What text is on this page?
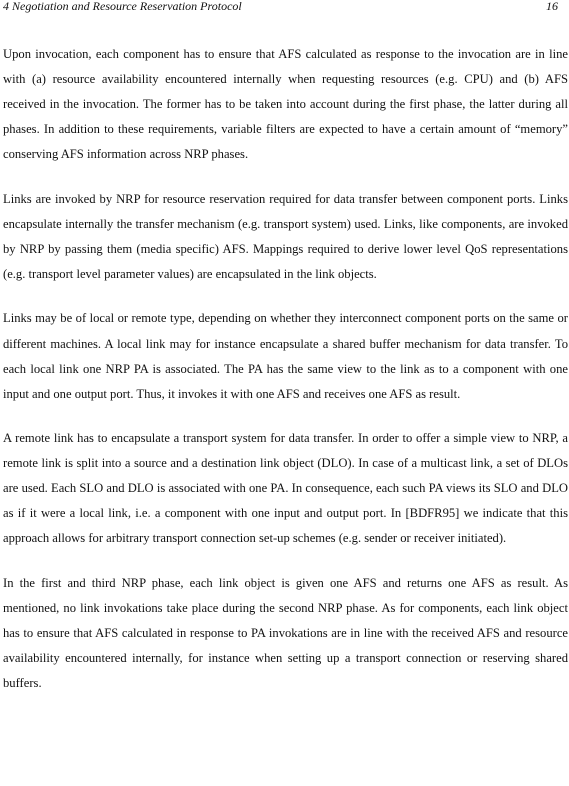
4 Negotiation and Resource Reservation Protocol	16

Upon invocation, each component has to ensure that AFS calculated as response to the invocation are in line with (a) resource availability encountered internally when requesting resources (e.g. CPU) and (b) AFS received in the invocation. The former has to be taken into account during the first phase, the latter during all phases. In addition to these requirements, variable filters are expected to have a certain amount of “memory” conserving AFS information across NRP phases.

Links are invoked by NRP for resource reservation required for data transfer between component ports. Links encapsulate internally the transfer mechanism (e.g. transport system) used. Links, like components, are invoked by NRP by passing them (media specific) AFS. Mappings required to derive lower level QoS representations (e.g. transport level parameter values) are encapsulated in the link objects.

Links may be of local or remote type, depending on whether they interconnect component ports on the same or different machines. A local link may for instance encapsulate a shared buffer mechanism for data transfer. To each local link one NRP PA is associated. The PA has the same view to the link as to a component with one input and one output port. Thus, it invokes it with one AFS and receives one AFS as result.

A remote link has to encapsulate a transport system for data transfer. In order to offer a simple view to NRP, a remote link is split into a source and a destination link object (DLO). In case of a multicast link, a set of DLOs are used. Each SLO and DLO is associated with one PA. In consequence, each such PA views its SLO and DLO as if it were a local link, i.e. a component with one input and output port. In [BDFR95] we indicate that this approach allows for arbitrary transport connection set-up schemes (e.g. sender or receiver initiated).

In the first and third NRP phase, each link object is given one AFS and returns one AFS as result. As mentioned, no link invokations take place during the second NRP phase. As for components, each link object has to ensure that AFS calculated in response to PA invokations are in line with the received AFS and resource availability encountered internally, for instance when setting up a transport connection or reserving shared buffers.
